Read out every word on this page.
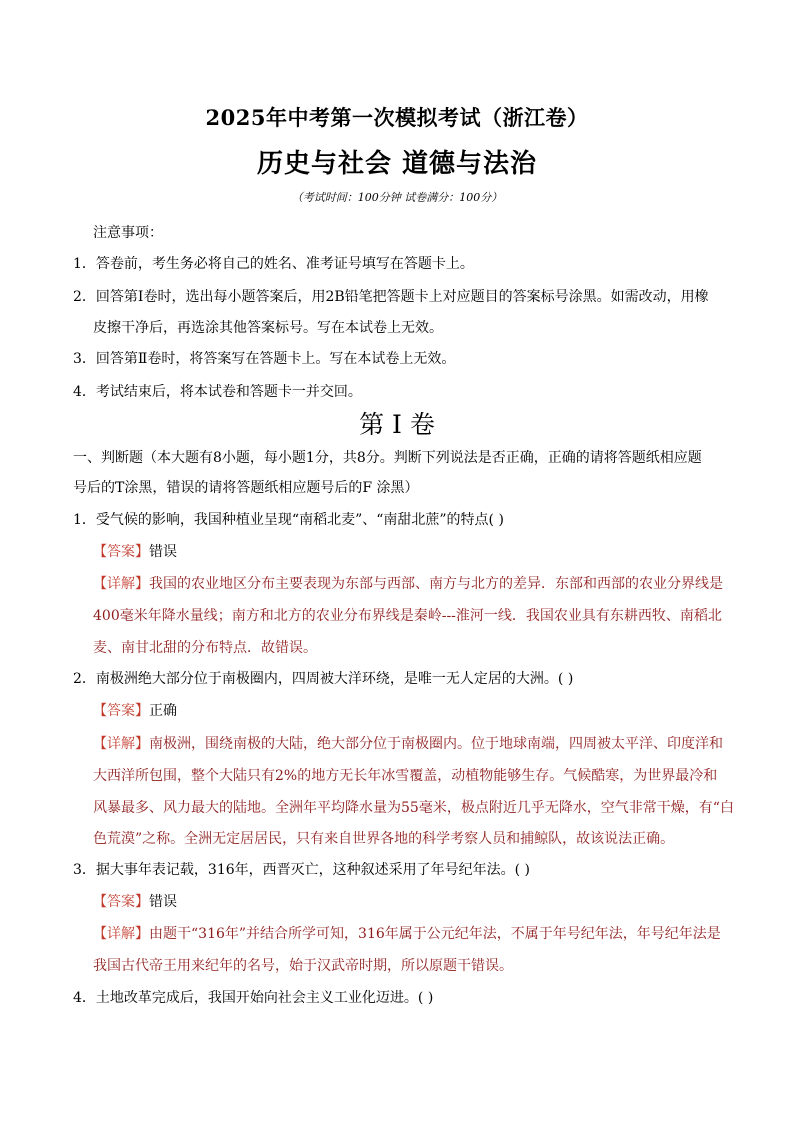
2025年中考第一次模拟考试（浙江卷）
历史与社会 道德与法治
（考试时间：100分钟 试卷满分：100分）
注意事项：
1．答卷前，考生务必将自己的姓名、准考证号填写在答题卡上。
2．回答第Ⅰ卷时，选出每小题答案后，用2B铅笔把答题卡上对应题目的答案标号涂黑。如需改动，用橡
皮擦干净后，再选涂其他答案标号。写在本试卷上无效。
3．回答第Ⅱ卷时，将答案写在答题卡上。写在本试卷上无效。
4．考试结束后，将本试卷和答题卡一并交回。
第 I 卷
一、判断题（本大题有8小题，每小题1分，共8分。判断下列说法是否正确，正确的请将答题纸相应题
号后的T涂黑，错误的请将答题纸相应题号后的F 涂黑）
1．受气候的影响，我国种植业呈现“南稻北麦”、“南甜北蔗”的特点( )
【答案】错误
【详解】我国的农业地区分布主要表现为东部与西部、南方与北方的差异．东部和西部的农业分界线是
400毫米年降水量线；南方和北方的农业分布界线是秦岭---淮河一线．我国农业具有东耕西牧、南稻北
麦、南甘北甜的分布特点．故错误。
2．南极洲绝大部分位于南极圈内，四周被大洋环绕，是唯一无人定居的大洲。( )
【答案】正确
【详解】南极洲，围绕南极的大陆，绝大部分位于南极圈内。位于地球南端，四周被太平洋、印度洋和
大西洋所包围，整个大陆只有2%的地方无长年冰雪覆盖，动植物能够生存。气候酷寒，为世界最冷和
风暴最多、风力最大的陆地。全洲年平均降水量为55毫米，极点附近几乎无降水，空气非常干燥，有“白
色荒漠”之称。全洲无定居居民，只有来自世界各地的科学考察人员和捕鲸队，故该说法正确。
3．据大事年表记载，316年，西晋灭亡，这种叙述采用了年号纪年法。( )
【答案】错误
【详解】由题干“316年”并结合所学可知，316年属于公元纪年法，不属于年号纪年法，年号纪年法是
我国古代帝王用来纪年的名号，始于汉武帝时期，所以原题干错误。
4．土地改革完成后，我国开始向社会主义工业化迈进。( )
